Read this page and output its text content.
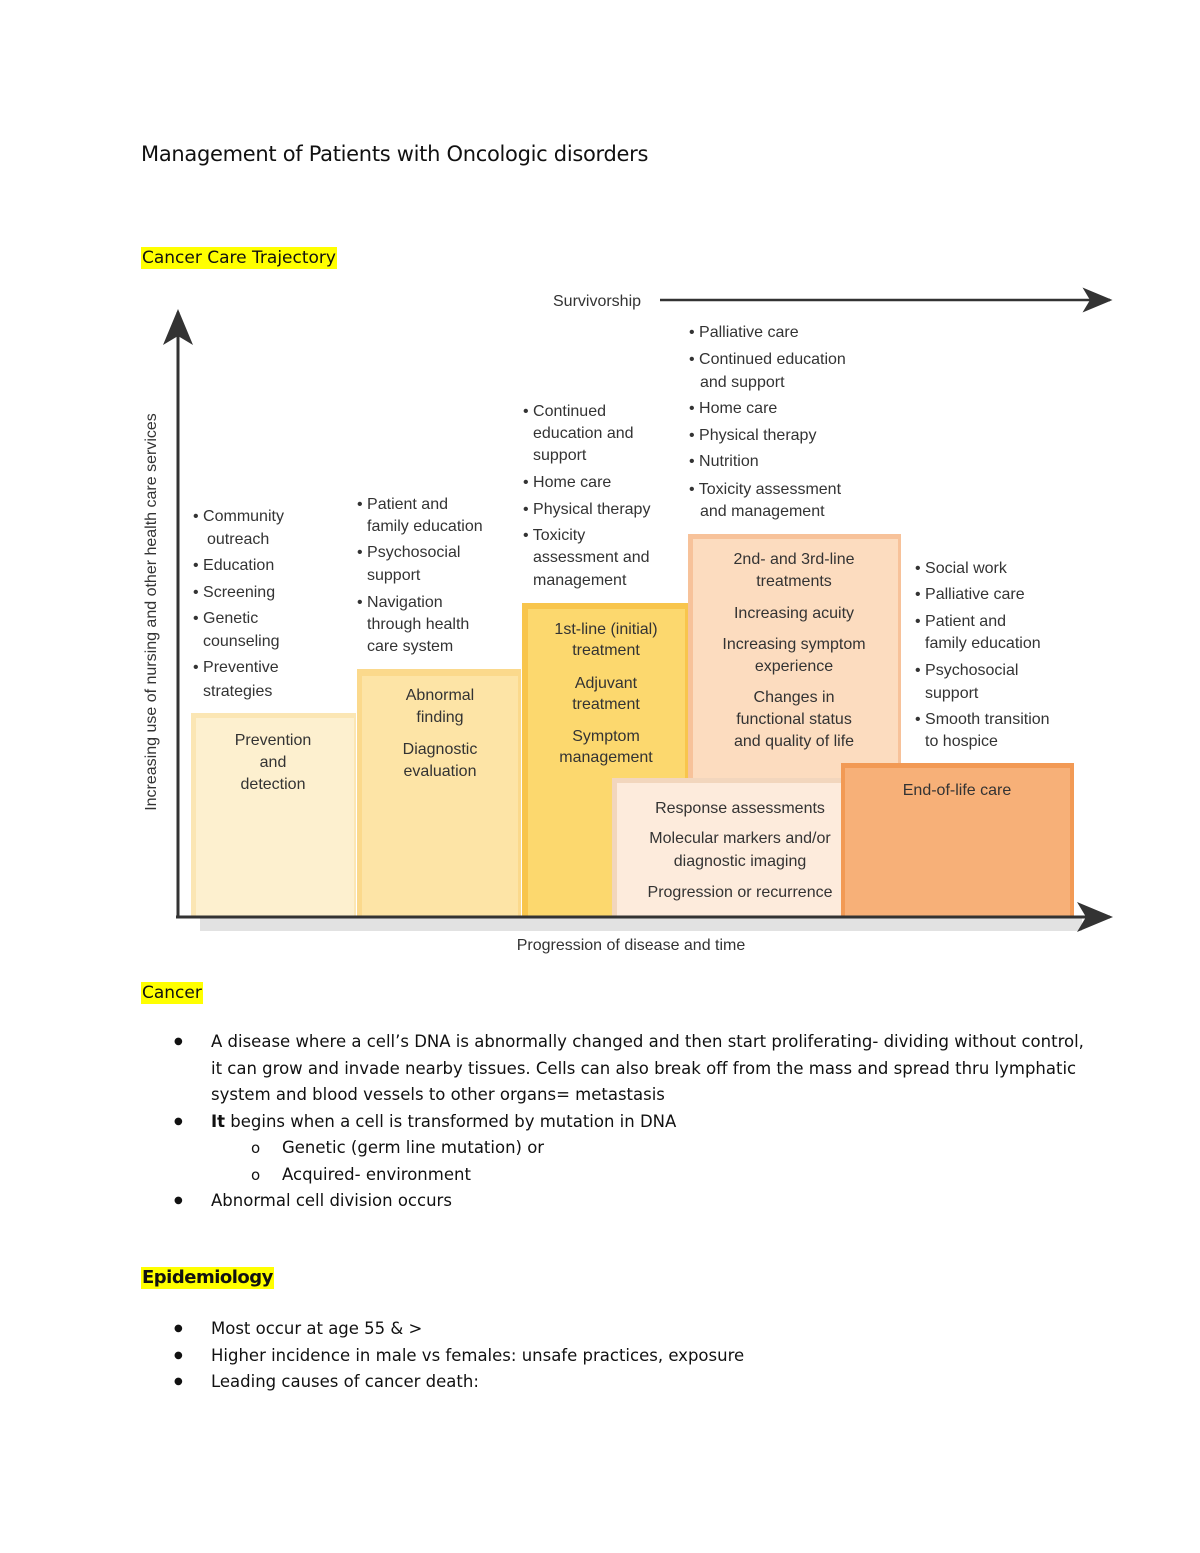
Management of Patients with Oncologic disorders
Cancer Care Trajectory
Survivorship
Progression of disease and time
Increasing use of nursing and other health care services	Prevention
and
detection
Abnormal
finding
Diagnostic
evaluation
1st-line (initial)
treatment
Adjuvant
treatment
Symptom
management
2nd- and 3rd-line
treatments
Increasing acuity
Increasing symptom
experience
Changes in
functional status
and quality of life
Response assessments
Molecular markers and/or
diagnostic imaging
Progression or recurrence
End-of-life care
• Community
outreach
• Education
• Screening
• Genetic
counseling
• Preventive
strategies
• Patient and
family education
• Psychosocial
support
• Navigation
through health
care system
• Continued
education and
support
• Home care
• Physical therapy
• Toxicity
assessment and
management
• Palliative care
• Continued education
and support
• Home care
• Physical therapy
• Nutrition
• Toxicity assessment
and management
• Social work
• Palliative care
• Patient and
family education
• Psychosocial
support
• Smooth transition
to hospice
Cancer
● A disease where a cell’s DNA is abnormally changed and then start proliferating- dividing without control, it can grow and invade nearby tissues. Cells can also break off from the mass and spread thru lymphatic system and blood vessels to other organs= metastasis
● It begins when a cell is transformed by mutation in DNA
o Genetic (germ line mutation) or
o Acquired- environment
● Abnormal cell division occurs
Epidemiology
● Most occur at age 55 & >
● Higher incidence in male vs females: unsafe practices, exposure
● Leading causes of cancer death:
